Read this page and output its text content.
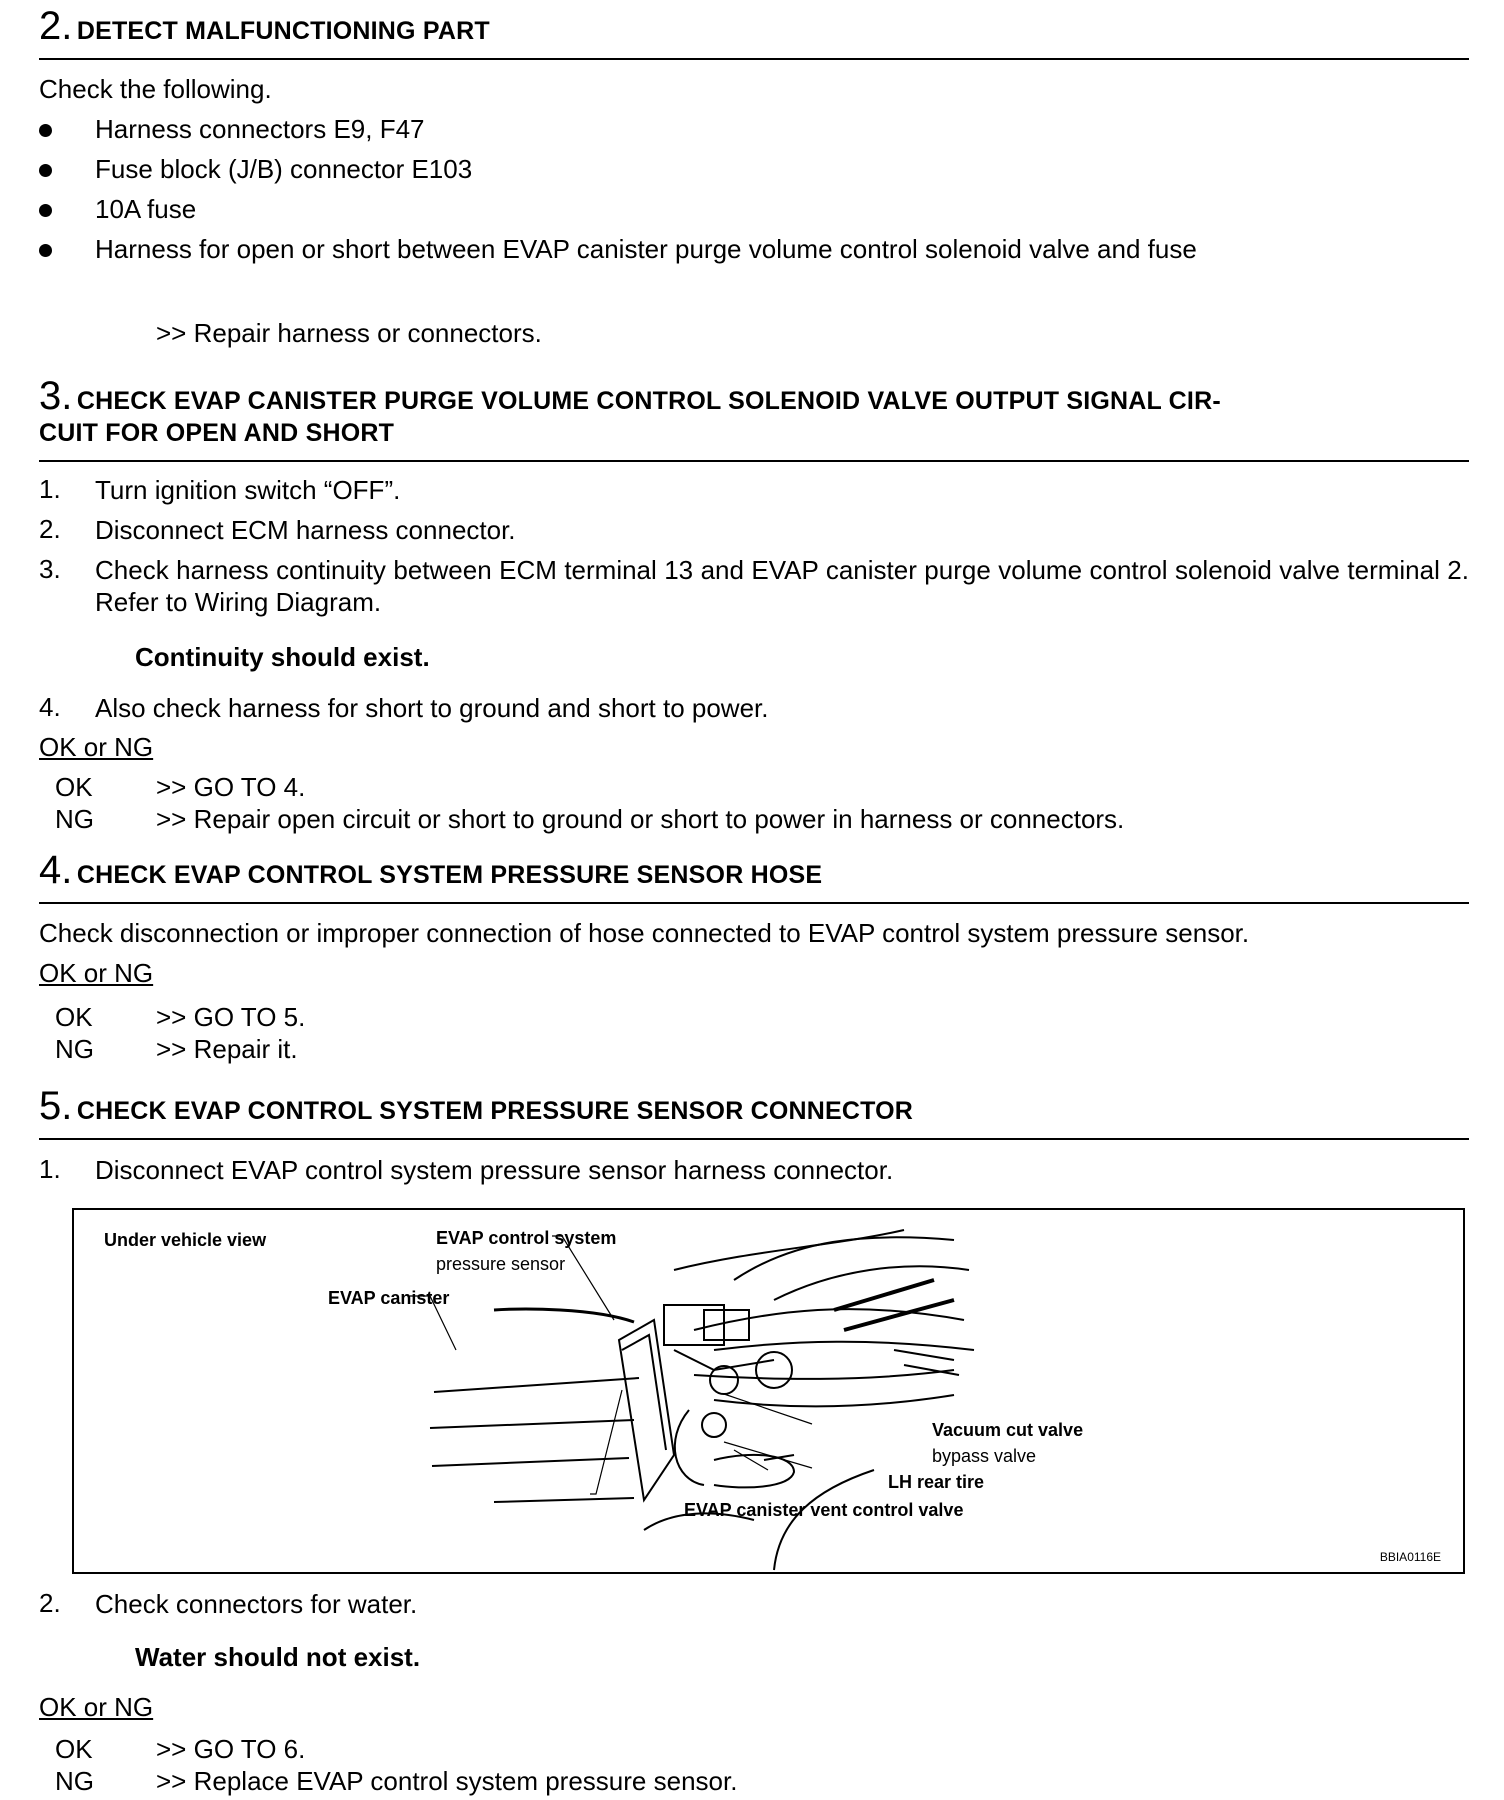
2. DETECT MALFUNCTIONING PART
Check the following.
Harness connectors E9, F47
Fuse block (J/B) connector E103
10A fuse
Harness for open or short between EVAP canister purge volume control solenoid valve and fuse
>> Repair harness or connectors.
3. CHECK EVAP CANISTER PURGE VOLUME CONTROL SOLENOID VALVE OUTPUT SIGNAL CIR-
CUIT FOR OPEN AND SHORT
1. Turn ignition switch “OFF”.
2. Disconnect ECM harness connector.
3. Check harness continuity between ECM terminal 13 and EVAP canister purge volume control solenoid valve terminal 2. Refer to Wiring Diagram.
Continuity should exist.
4. Also check harness for short to ground and short to power.
OK or NG
OK >> GO TO 4.
NG >> Repair open circuit or short to ground or short to power in harness or connectors.
4. CHECK EVAP CONTROL SYSTEM PRESSURE SENSOR HOSE
Check disconnection or improper connection of hose connected to EVAP control system pressure sensor.
OK or NG
OK >> GO TO 5.
NG >> Repair it.
5. CHECK EVAP CONTROL SYSTEM PRESSURE SENSOR CONNECTOR
1. Disconnect EVAP control system pressure sensor harness connector.
Under vehicle view	EVAP control system
pressure sensor
EVAP canister
Vacuum cut valve
bypass valve
LH rear tire
EVAP canister vent control valve
BBIA0116E
2. Check connectors for water.
Water should not exist.
OK or NG
OK >> GO TO 6.
NG >> Replace EVAP control system pressure sensor.
